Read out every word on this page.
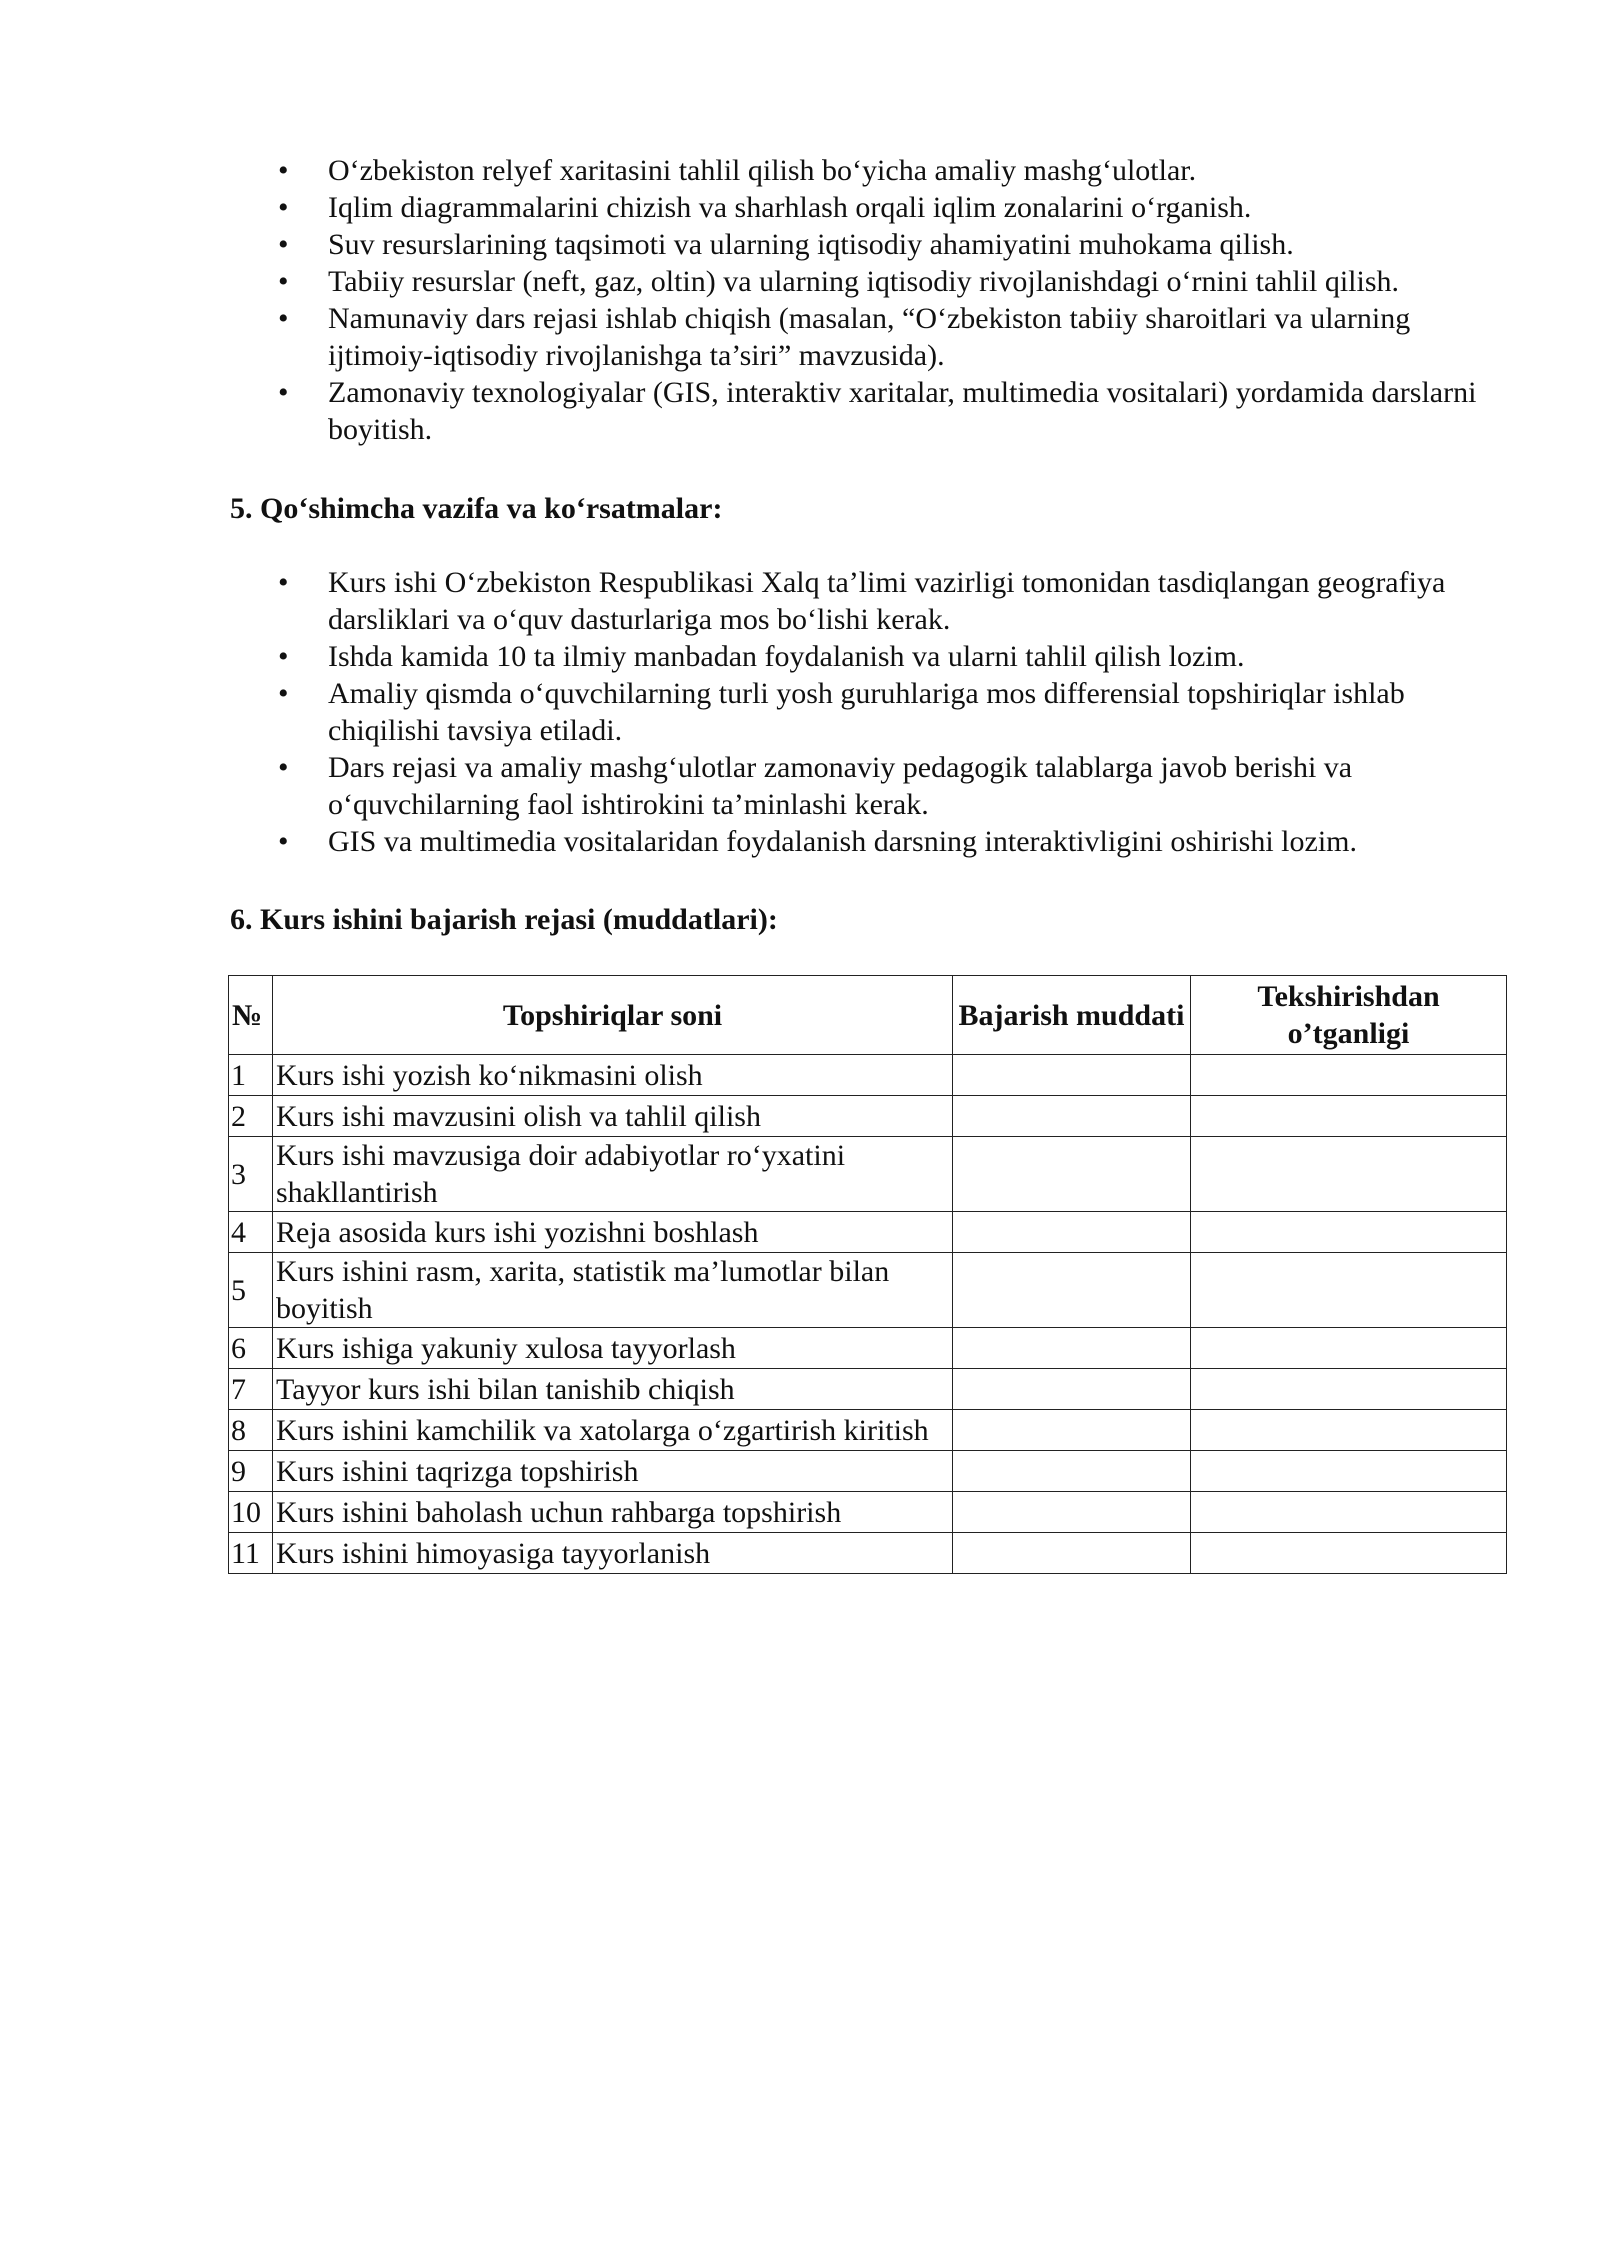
• O‘zbekiston relyef xaritasini tahlil qilish bo‘yicha amaliy mashg‘ulotlar.
• Iqlim diagrammalarini chizish va sharhlash orqali iqlim zonalarini o‘rganish.
• Suv resurslarining taqsimoti va ularning iqtisodiy ahamiyatini muhokama qilish.
• Tabiiy resurslar (neft, gaz, oltin) va ularning iqtisodiy rivojlanishdagi o‘rnini tahlil qilish.
• Namunaviy dars rejasi ishlab chiqish (masalan, “O‘zbekiston tabiiy sharoitlari va ularning ijtimoiy-iqtisodiy rivojlanishga ta’siri” mavzusida).
• Zamonaviy texnologiyalar (GIS, interaktiv xaritalar, multimedia vositalari) yordamida darslarni boyitish.
5. Qo‘shimcha vazifa va ko‘rsatmalar:
• Kurs ishi O‘zbekiston Respublikasi Xalq ta’limi vazirligi tomonidan tasdiqlangan geografiya darsliklari va o‘quv dasturlariga mos bo‘lishi kerak.
• Ishda kamida 10 ta ilmiy manbadan foydalanish va ularni tahlil qilish lozim.
• Amaliy qismda o‘quvchilarning turli yosh guruhlariga mos differensial topshiriqlar ishlab chiqilishi tavsiya etiladi.
• Dars rejasi va amaliy mashg‘ulotlar zamonaviy pedagogik talablarga javob berishi va o‘quvchilarning faol ishtirokini ta’minlashi kerak.
• GIS va multimedia vositalaridan foydalanish darsning interaktivligini oshirishi lozim.
6. Kurs ishini bajarish rejasi (muddatlari):
№	Topshiriqlar soni	Bajarish muddati	Tekshirishdan o’tganligi
1	Kurs ishi yozish ko‘nikmasini olish		
2	Kurs ishi mavzusini olish va tahlil qilish		
3	Kurs ishi mavzusiga doir adabiyotlar ro‘yxatini shakllantirish		
4	Reja asosida kurs ishi yozishni boshlash		
5	Kurs ishini rasm, xarita, statistik ma’lumotlar bilan boyitish		
6	Kurs ishiga yakuniy xulosa tayyorlash		
7	Tayyor kurs ishi bilan tanishib chiqish		
8	Kurs ishini kamchilik va xatolarga o‘zgartirish kiritish		
9	Kurs ishini taqrizga topshirish		
10	Kurs ishini baholash uchun rahbarga topshirish		
11	Kurs ishini himoyasiga tayyorlanish		
